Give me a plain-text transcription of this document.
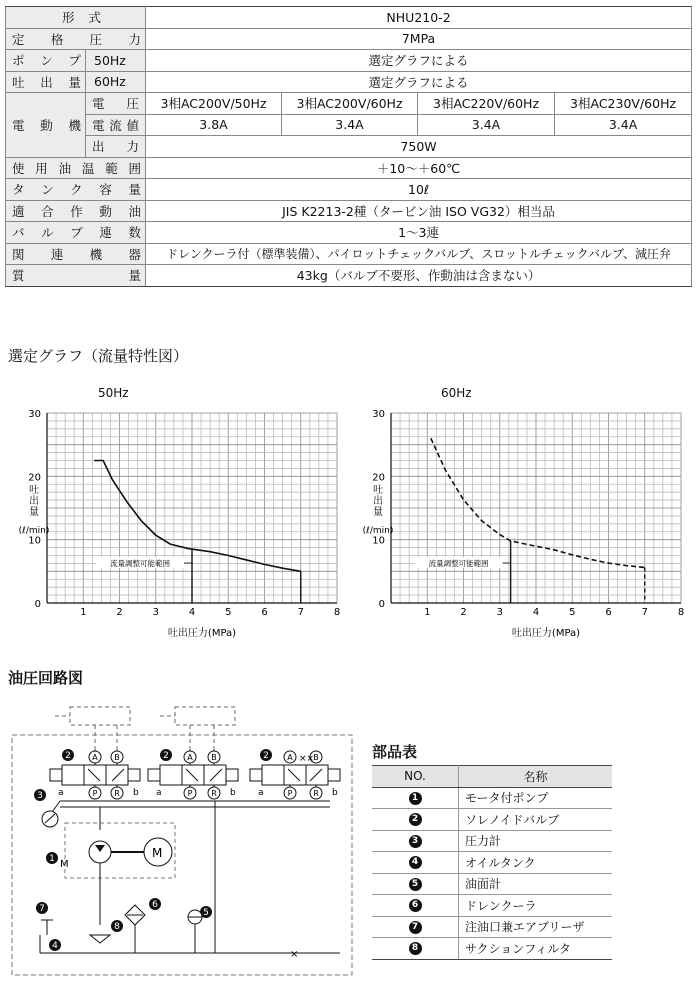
形式		NHU210-2			
定格圧力		7MPa			
ポンプ	50Hz	選定グラフによる			
吐出量	60Hz	選定グラフによる			
電動機	電圧	3相AC200V/50Hz	3相AC200V/60Hz	3相AC220V/60Hz	3相AC230V/60Hz
	電流値	3.8A	3.4A	3.4A	3.4A
	出力	750W			
使用油温範囲		＋10〜＋60℃			
タンク容量		10ℓ			
適合作動油		JIS K2213-2種（タービン油 ISO VG32）相当品			
バルブ連数		1〜3連			
関連機器		ドレンクーラ付（標準装備）、パイロットチェックバルブ、スロットルチェックバルブ、減圧弁			
質量		43kg（バルブ不要形、作動油は含まない）			
選定グラフ（流量特性図）
50Hz	60Hz
1	2	3	4	5	6	7	8
0
10
20
30
吐出圧力(MPa)
吐
出
量
(ℓ/min)
流量調整可能範囲
1	2	3	4	5	6	7	8
0
10
20
30
吐出圧力(MPa)
吐
出
量
(ℓ/min)
流量調整可能範囲
油圧回路図
A B
P R
A B
P R
A	B
P	R
××
a	b a	b a	b
M
M
2	2	2
3
1
7
4
8
6
5
×
部品表
NO.	名称
1	モータ付ポンプ
2	ソレノイドバルブ
3	圧力計
4	オイルタンク
5	油面計
6	ドレンクーラ
7	注油口兼エアブリーザ
8	サクションフィルタ
